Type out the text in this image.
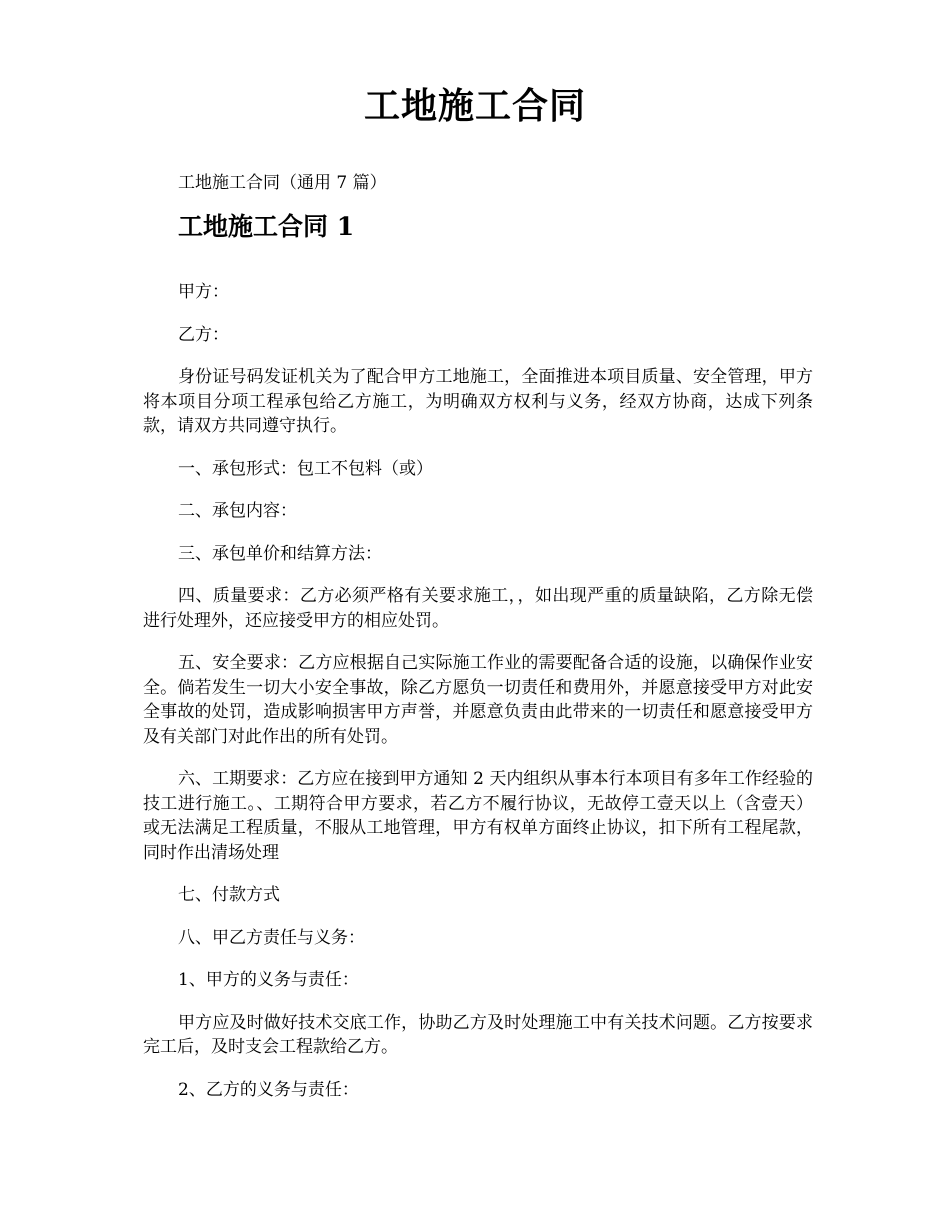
工地施工合同
工地施工合同（通用 7 篇）
工地施工合同 1

甲方：

乙方：

身份证号码发证机关为了配合甲方工地施工，全面推进本项目质量、安全管理，甲方将本项目分项工程承包给乙方施工，为明确双方权利与义务，经双方协商，达成下列条款，请双方共同遵守执行。

一、承包形式：包工不包料（或）

二、承包内容：

三、承包单价和结算方法：

四、质量要求：乙方必须严格有关要求施工，，如出现严重的质量缺陷，乙方除无偿进行处理外，还应接受甲方的相应处罚。

五、安全要求：乙方应根据自己实际施工作业的需要配备合适的设施，以确保作业安全。倘若发生一切大小安全事故，除乙方愿负一切责任和费用外，并愿意接受甲方对此安全事故的处罚，造成影响损害甲方声誉，并愿意负责由此带来的一切责任和愿意接受甲方及有关部门对此作出的所有处罚。

六、工期要求：乙方应在接到甲方通知 2 天内组织从事本行本项目有多年工作经验的技工进行施工。、工期符合甲方要求，若乙方不履行协议，无故停工壹天以上（含壹天）或无法满足工程质量，不服从工地管理，甲方有权单方面终止协议，扣下所有工程尾款，同时作出清场处理

七、付款方式

八、甲乙方责任与义务：

1、甲方的义务与责任：

甲方应及时做好技术交底工作，协助乙方及时处理施工中有关技术问题。乙方按要求完工后，及时支会工程款给乙方。

2、乙方的义务与责任：
